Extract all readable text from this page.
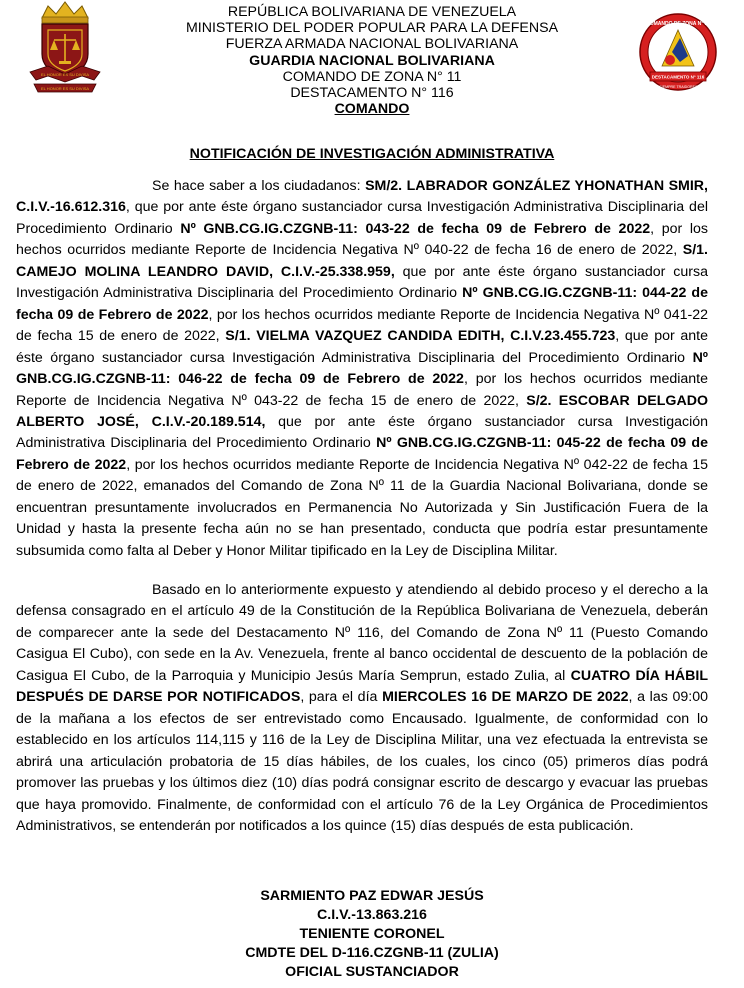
EL HONOR ES SU DIVISA
EL HONOR ES SU DIVISA
COMANDO DE ZONA N° 11
DESTACAMENTO N° 116
LEALES SIEMPRE TRAIDORES NUNCA
REPÚBLICA BOLIVARIANA DE VENEZUELA
MINISTERIO DEL PODER POPULAR PARA LA DEFENSA
FUERZA ARMADA NACIONAL BOLIVARIANA
GUARDIA NACIONAL BOLIVARIANA
COMANDO DE ZONA N° 11
DESTACAMENTO N° 116
COMANDO
NOTIFICACIÓN DE INVESTIGACIÓN ADMINISTRATIVA
Se hace saber a los ciudadanos: SM/2. LABRADOR GONZÁLEZ YHONATHAN SMIR, C.I.V.-16.612.316, que por ante éste órgano sustanciador cursa Investigación Administrativa Disciplinaria del Procedimiento Ordinario Nº GNB.CG.IG.CZGNB-11: 043-22 de fecha 09 de Febrero de 2022, por los hechos ocurridos mediante Reporte de Incidencia Negativa Nº 040-22 de fecha 16 de enero de 2022, S/1. CAMEJO MOLINA LEANDRO DAVID, C.I.V.-25.338.959, que por ante éste órgano sustanciador cursa Investigación Administrativa Disciplinaria del Procedimiento Ordinario Nº GNB.CG.IG.CZGNB-11: 044-22 de fecha 09 de Febrero de 2022, por los hechos ocurridos mediante Reporte de Incidencia Negativa Nº 041-22 de fecha 15 de enero de 2022, S/1. VIELMA VAZQUEZ CANDIDA EDITH, C.I.V.23.455.723, que por ante éste órgano sustanciador cursa Investigación Administrativa Disciplinaria del Procedimiento Ordinario Nº GNB.CG.IG.CZGNB-11: 046-22 de fecha 09 de Febrero de 2022, por los hechos ocurridos mediante Reporte de Incidencia Negativa Nº 043-22 de fecha 15 de enero de 2022, S/2. ESCOBAR DELGADO ALBERTO JOSÉ, C.I.V.-20.189.514, que por ante éste órgano sustanciador cursa Investigación Administrativa Disciplinaria del Procedimiento Ordinario Nº GNB.CG.IG.CZGNB-11: 045-22 de fecha 09 de Febrero de 2022, por los hechos ocurridos mediante Reporte de Incidencia Negativa Nº 042-22 de fecha 15 de enero de 2022, emanados del Comando de Zona Nº 11 de la Guardia Nacional Bolivariana, donde se encuentran presuntamente involucrados en Permanencia No Autorizada y Sin Justificación Fuera de la Unidad y hasta la presente fecha aún no se han presentado, conducta que podría estar presuntamente subsumida como falta al Deber y Honor Militar tipificado en la Ley de Disciplina Militar.
Basado en lo anteriormente expuesto y atendiendo al debido proceso y el derecho a la defensa consagrado en el artículo 49 de la Constitución de la República Bolivariana de Venezuela, deberán de comparecer ante la sede del Destacamento Nº 116, del Comando de Zona Nº 11 (Puesto Comando Casigua El Cubo), con sede en la Av. Venezuela, frente al banco occidental de descuento de la población de Casigua El Cubo, de la Parroquia y Municipio Jesús María Semprun, estado Zulia, al CUATRO DÍA HÁBIL DESPUÉS DE DARSE POR NOTIFICADOS, para el día MIERCOLES 16 DE MARZO DE 2022, a las 09:00 de la mañana a los efectos de ser entrevistado como Encausado. Igualmente, de conformidad con lo establecido en los artículos 114,115 y 116 de la Ley de Disciplina Militar, una vez efectuada la entrevista se abrirá una articulación probatoria de 15 días hábiles, de los cuales, los cinco (05) primeros días podrá promover las pruebas y los últimos diez (10) días podrá consignar escrito de descargo y evacuar las pruebas que haya promovido. Finalmente, de conformidad con el artículo 76 de la Ley Orgánica de Procedimientos Administrativos, se entenderán por notificados a los quince (15) días después de esta publicación.
SARMIENTO PAZ EDWAR JESÚS
C.I.V.-13.863.216
TENIENTE CORONEL
CMDTE DEL D-116.CZGNB-11 (ZULIA)
OFICIAL SUSTANCIADOR
